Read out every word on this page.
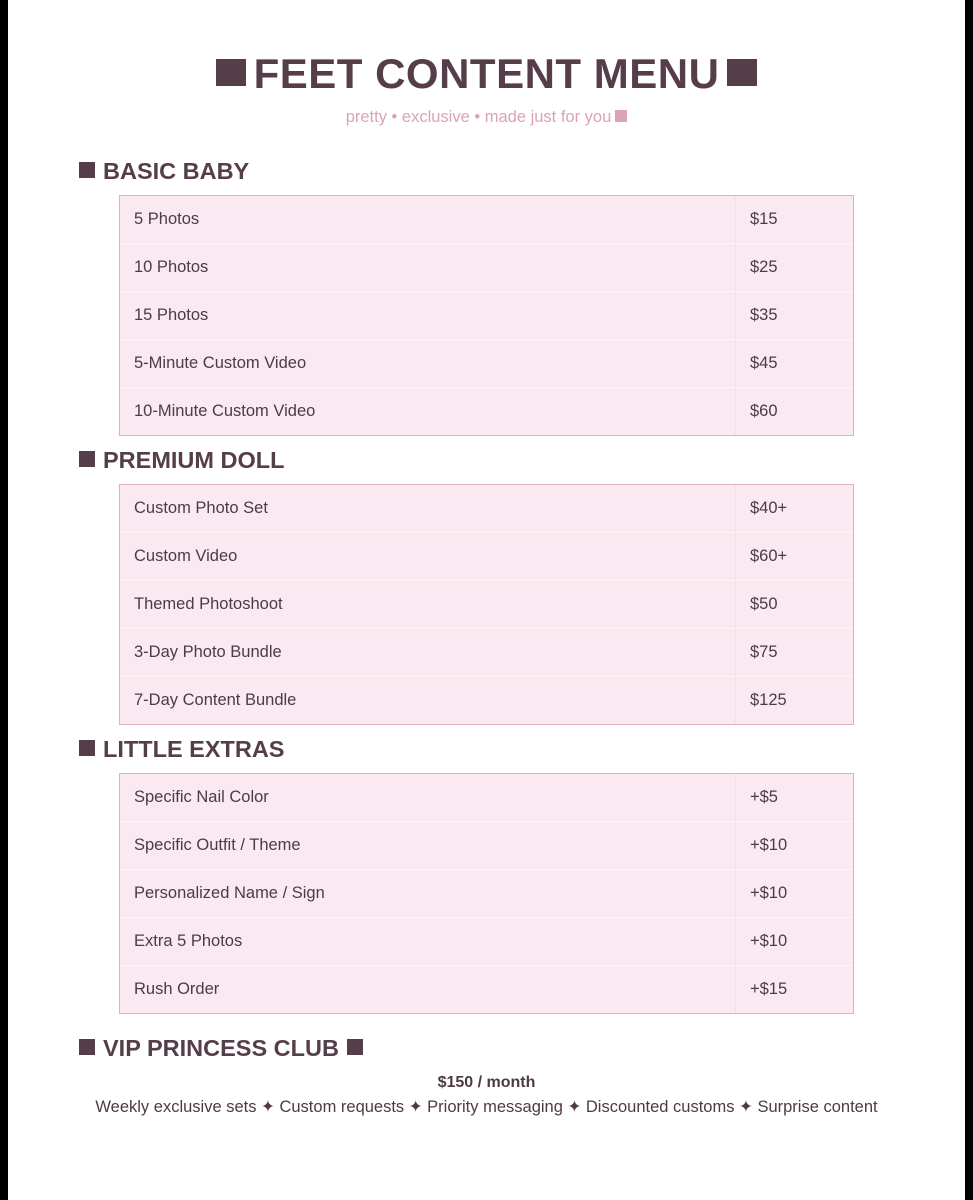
FEET CONTENT MENU
pretty • exclusive • made just for you
BASIC BABY
5 Photos	$15
10 Photos	$25
15 Photos	$35
5-Minute Custom Video	$45
10-Minute Custom Video	$60
PREMIUM DOLL
Custom Photo Set	$40+
Custom Video	$60+
Themed Photoshoot	$50
3-Day Photo Bundle	$75
7-Day Content Bundle	$125
LITTLE EXTRAS
Specific Nail Color	+$5
Specific Outfit / Theme	+$10
Personalized Name / Sign	+$10
Extra 5 Photos	+$10
Rush Order	+$15
VIP PRINCESS CLUB
$150 / month
Weekly exclusive sets ✦ Custom requests ✦ Priority messaging ✦ Discounted customs ✦ Surprise content
